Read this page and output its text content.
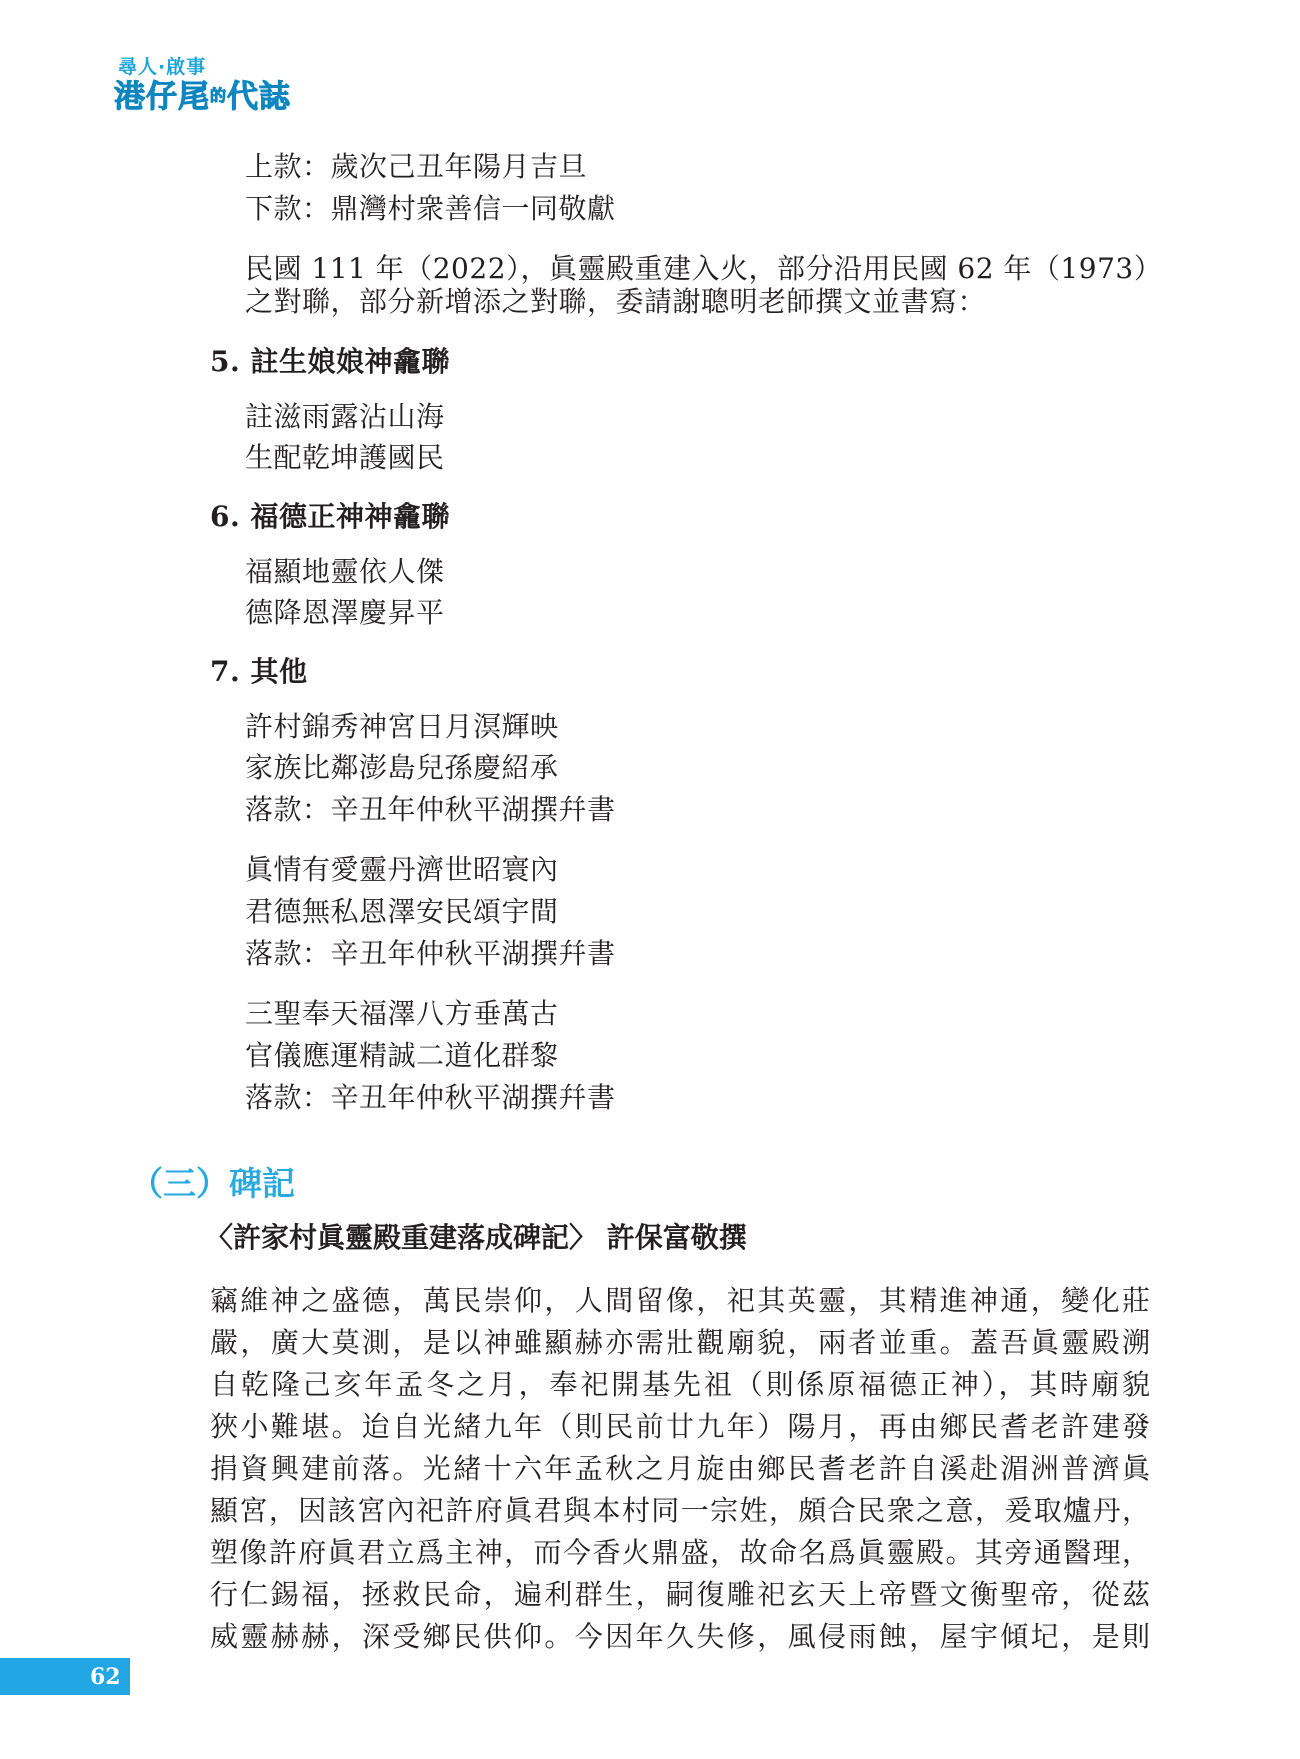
尋人·啟事
港仔尾的代誌
上款：歲次己丑年陽月吉旦
下款：鼎灣村衆善信一同敬獻
民國 111 年（2022），眞靈殿重建入火，部分沿用民國 62 年（1973）
之對聯，部分新增添之對聯，委請謝聰明老師撰文並書寫：
5. 註生娘娘神龕聯
註滋雨露沾山海
生配乾坤護國民
6. 福德正神神龕聯
福顯地靈依人傑
德降恩澤慶昇平
7. 其他
許村錦秀神宮日月溟輝映
家族比鄰澎島兒孫慶紹承
落款：辛丑年仲秋平湖撰幷書
眞情有愛靈丹濟世昭寰內
君德無私恩澤安民頌宇間
落款：辛丑年仲秋平湖撰幷書
三聖奉天福澤八方垂萬古
官儀應運精誠二道化群黎
落款：辛丑年仲秋平湖撰幷書
（三）碑記
〈許家村眞靈殿重建落成碑記〉 許保富敬撰
竊維神之盛德，萬民崇仰，人間留像，祀其英靈，其精進神通，變化莊
嚴，廣大莫測，是以神雖顯赫亦需壯觀廟貌，兩者並重。蓋吾眞靈殿溯
自乾隆己亥年孟冬之月，奉祀開基先祖（則係原福德正神），其時廟貌
狹小難堪。迨自光緒九年（則民前廿九年）陽月，再由鄉民耆老許建發
捐資興建前落。光緒十六年孟秋之月旋由鄉民耆老許自溪赴湄洲普濟眞
顯宮，因該宮內祀許府眞君與本村同一宗姓，頗合民衆之意，爰取爐丹，
塑像許府眞君立爲主神，而今香火鼎盛，故命名爲眞靈殿。其旁通醫理，
行仁錫福，拯救民命，遍利群生，嗣復雕祀玄天上帝暨文衡聖帝，從茲
威靈赫赫，深受鄉民供仰。今因年久失修，風侵雨蝕，屋宇傾圮，是則
62
